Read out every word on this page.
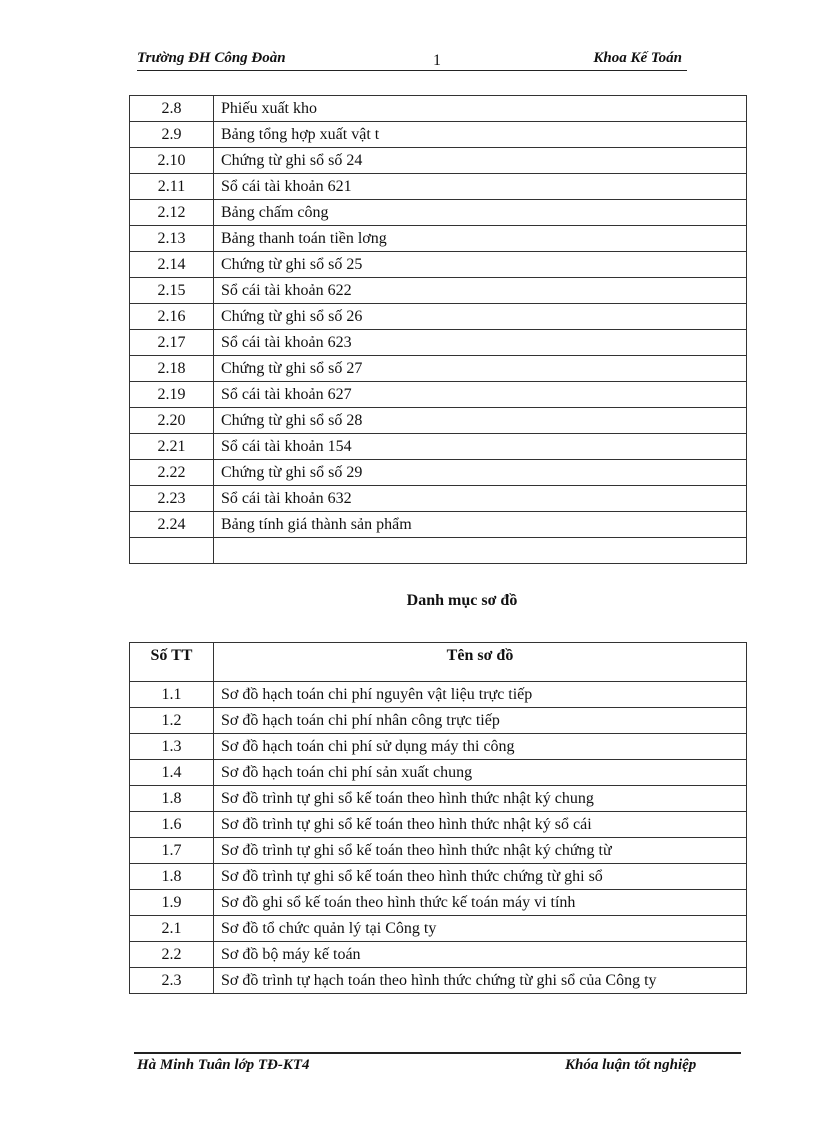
Trường ĐH Công Đoàn	1	Khoa Kế Toán
2.8	Phiếu xuất kho
2.9	Bảng tổng hợp xuất vật t
2.10	Chứng từ ghi sổ số 24
2.11	Sổ cái tài khoản 621
2.12	Bảng chấm công
2.13	Bảng thanh toán tiền lơng
2.14	Chứng từ ghi sổ số 25
2.15	Sổ cái tài khoản 622
2.16	Chứng từ ghi sổ số 26
2.17	Sổ cái tài khoản 623
2.18	Chứng từ ghi sổ số 27
2.19	Sổ cái tài khoản 627
2.20	Chứng từ ghi sổ số 28
2.21	Sổ cái tài khoản 154
2.22	Chứng từ ghi sổ số 29
2.23	Sổ cái tài khoản 632
2.24	Bảng tính giá thành sản phẩm

Danh mục sơ đồ
Số TT	Tên sơ đồ
1.1	Sơ đồ hạch toán chi phí nguyên vật liệu trực tiếp
1.2	Sơ đồ hạch toán chi phí nhân công trực tiếp
1.3	Sơ đồ hạch toán chi phí sử dụng máy thi công
1.4	Sơ đồ hạch toán chi phí sản xuất chung
1.8	Sơ đồ trình tự ghi sổ kế toán theo hình thức nhật ký chung
1.6	Sơ đồ trình tự ghi sổ kế toán theo hình thức nhật ký sổ cái
1.7	Sơ đồ trình tự ghi sổ kế toán theo hình thức nhật ký chứng từ
1.8	Sơ đồ trình tự ghi sổ kế toán theo hình thức chứng từ ghi sổ
1.9	Sơ đồ ghi sổ kế toán theo hình thức kế toán máy vi tính
2.1	Sơ đồ tổ chức quản lý tại Công ty
2.2	Sơ đồ bộ máy kế toán
2.3	Sơ đồ trình tự hạch toán theo hình thức chứng từ ghi sổ của Công ty
Hà Minh Tuân lớp TĐ-KT4	Khóa luận tốt nghiệp
